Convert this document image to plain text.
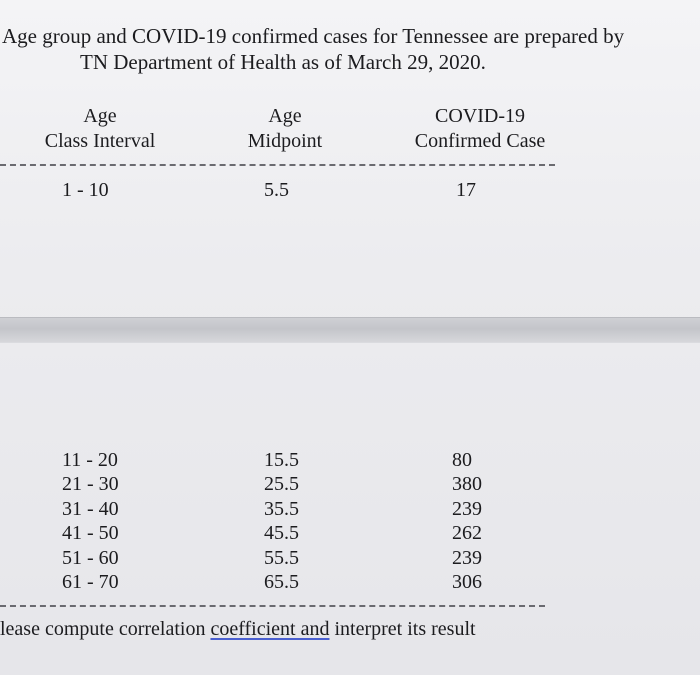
Age group and COVID-19 confirmed cases for Tennessee are prepared by
TN Department of Health as of March 29, 2020.
Age
Class Interval
Age
Midpoint
COVID-19
Confirmed Case
1 - 10	5.5	17
11 - 20
21 - 30
31 - 40
41 - 50
51 - 60
61 - 70
15.5
25.5
35.5
45.5
55.5
65.5
80
380
239
262
239
306
lease compute correlation coefficient and interpret its result
